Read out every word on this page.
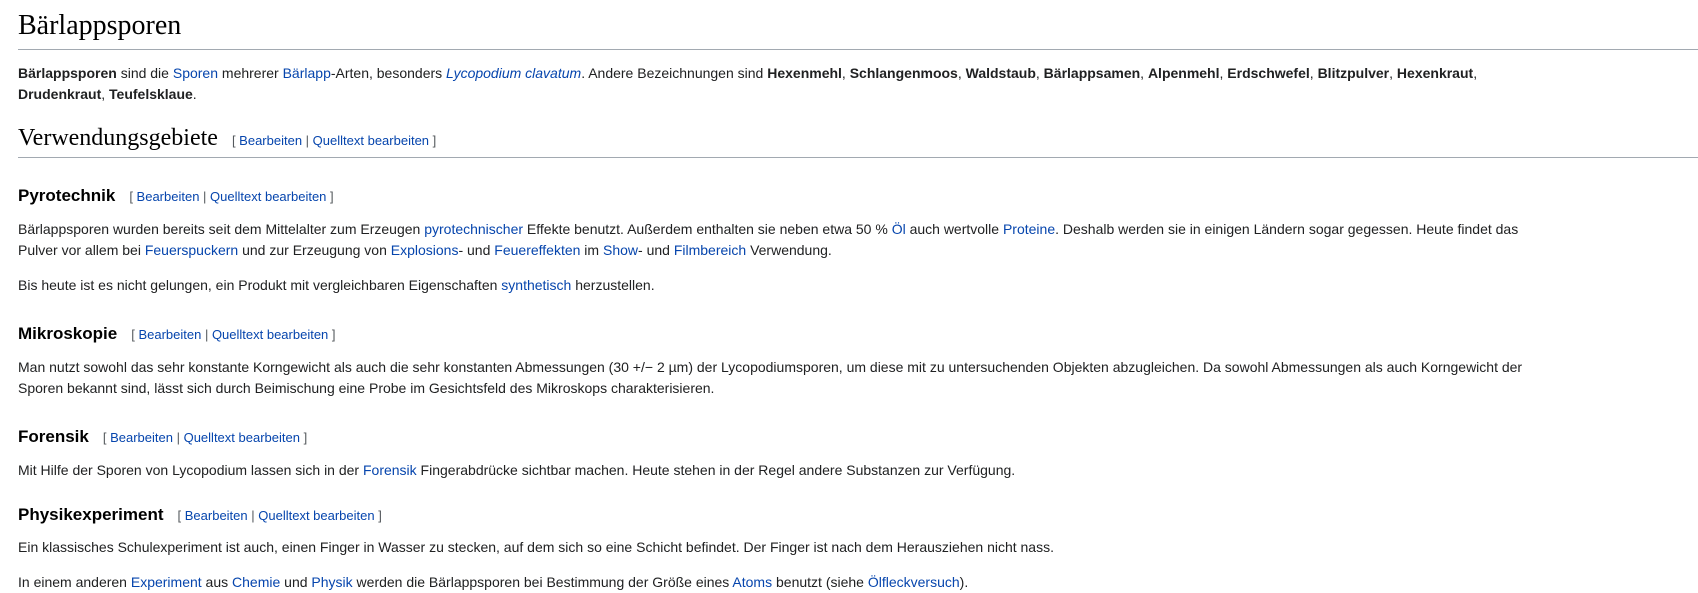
Bärlappsporen

Bärlappsporen sind die Sporen mehrerer Bärlapp-Arten, besonders Lycopodium clavatum. Andere Bezeichnungen sind Hexenmehl, Schlangenmoos, Waldstaub, Bärlappsamen, Alpenmehl, Erdschwefel, Blitzpulver, Hexenkraut, Drudenkraut, Teufelsklaue.

Verwendungsgebiete [ Bearbeiten | Quelltext bearbeiten ]
Pyrotechnik [ Bearbeiten | Quelltext bearbeiten ]

Bärlappsporen wurden bereits seit dem Mittelalter zum Erzeugen pyrotechnischer Effekte benutzt. Außerdem enthalten sie neben etwa 50 % Öl auch wertvolle Proteine. Deshalb werden sie in einigen Ländern sogar gegessen. Heute findet das Pulver vor allem bei Feuerspuckern und zur Erzeugung von Explosions- und Feuereffekten im Show- und Filmbereich Verwendung.

Bis heute ist es nicht gelungen, ein Produkt mit vergleichbaren Eigenschaften synthetisch herzustellen.

Mikroskopie [ Bearbeiten | Quelltext bearbeiten ]

Man nutzt sowohl das sehr konstante Korngewicht als auch die sehr konstanten Abmessungen (30 +/− 2 µm) der Lycopodiumsporen, um diese mit zu untersuchenden Objekten abzugleichen. Da sowohl Abmessungen als auch Korngewicht der Sporen bekannt sind, lässt sich durch Beimischung eine Probe im Gesichtsfeld des Mikroskops charakterisieren.

Forensik [ Bearbeiten | Quelltext bearbeiten ]

Mit Hilfe der Sporen von Lycopodium lassen sich in der Forensik Fingerabdrücke sichtbar machen. Heute stehen in der Regel andere Substanzen zur Verfügung.

Physikexperiment [ Bearbeiten | Quelltext bearbeiten ]

Ein klassisches Schulexperiment ist auch, einen Finger in Wasser zu stecken, auf dem sich so eine Schicht befindet. Der Finger ist nach dem Herausziehen nicht nass.

In einem anderen Experiment aus Chemie und Physik werden die Bärlappsporen bei Bestimmung der Größe eines Atoms benutzt (siehe Ölfleckversuch).
